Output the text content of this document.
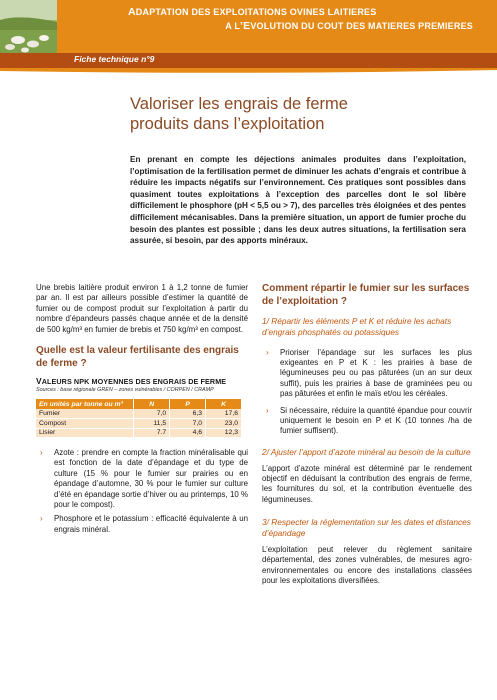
ADAPTATION DES EXPLOITATIONS OVINES LAITIERES
A L’EVOLUTION DU COUT DES MATIERES PREMIERES
Fiche technique n°9
Valoriser les engrais de ferme
produits dans l’exploitation
En prenant en compte les déjections animales produites dans l’exploitation, l’optimisation de la fertilisation permet de diminuer les achats d’engrais et contribue à réduire les impacts négatifs sur l’environnement. Ces pratiques sont possibles dans quasiment toutes exploitations à l’exception des parcelles dont le sol libère difficilement le phosphore (pH < 5,5 ou > 7), des parcelles très éloignées et des pentes difficilement mécanisables. Dans la première situation, un apport de fumier proche du besoin des plantes est possible ; dans les deux autres situations, la fertilisation sera assurée, si besoin, par des apports minéraux.
Une brebis laitière produit environ 1 à 1,2 tonne de fumier par an. Il est par ailleurs possible d’estimer la quantité de fumier ou de compost produit sur l’exploitation à partir du nombre d’épandeurs passés chaque année et de la densité de 500 kg/m³ en fumier de brebis et 750 kg/m³ en compost.
Quelle est la valeur fertilisante des engrais de ferme ?
VALEURS NPK MOYENNES DES ENGRAIS DE FERME
Sources : base régionale GREN – zones vulnérables / CORPEN / CRAMP
En unités par tonne ou m³	N	P	K
Fumier	7,0	6,3	17,6
Compost	11,5	7,0	23,0
Lisier	7.7	4,6	12,3
› Azote : prendre en compte la fraction minéralisable qui est fonction de la date d’épandage et du type de culture (15 % pour le fumier sur prairies ou en épandage d’automne, 30 % pour le fumier sur culture d’été en épandage sortie d’hiver ou au printemps, 10 % pour le compost).
› Phosphore et le potassium : efficacité équivalente à un engrais minéral.
Comment répartir le fumier sur les surfaces de l’exploitation ?
1/ Répartir les éléments P et K et réduire les achats d’engrais phosphatés ou potassiques
› Prioriser l’épandage sur les surfaces les plus exigeantes en P et K : les prairies à base de légumineuses peu ou pas pâturées (un an sur deux suffit), puis les prairies à base de graminées peu ou pas pâturées et enfin le maïs et/ou les céréales.
› Si nécessaire, réduire la quantité épandue pour couvrir uniquement le besoin en P et K (10 tonnes /ha de fumier suffisent).
2/ Ajuster l’apport d’azote minéral au besoin de la culture
L’apport d’azote minéral est déterminé par le rendement objectif en déduisant la contribution des engrais de ferme, les fournitures du sol, et la contribution éventuelle des légumineuses.
3/ Respecter la réglementation sur les dates et distances d’épandage
L’exploitation peut relever du règlement sanitaire départemental, des zones vulnérables, de mesures agro-environnementales ou encore des installations classées pour les exploitations diversifiées.
